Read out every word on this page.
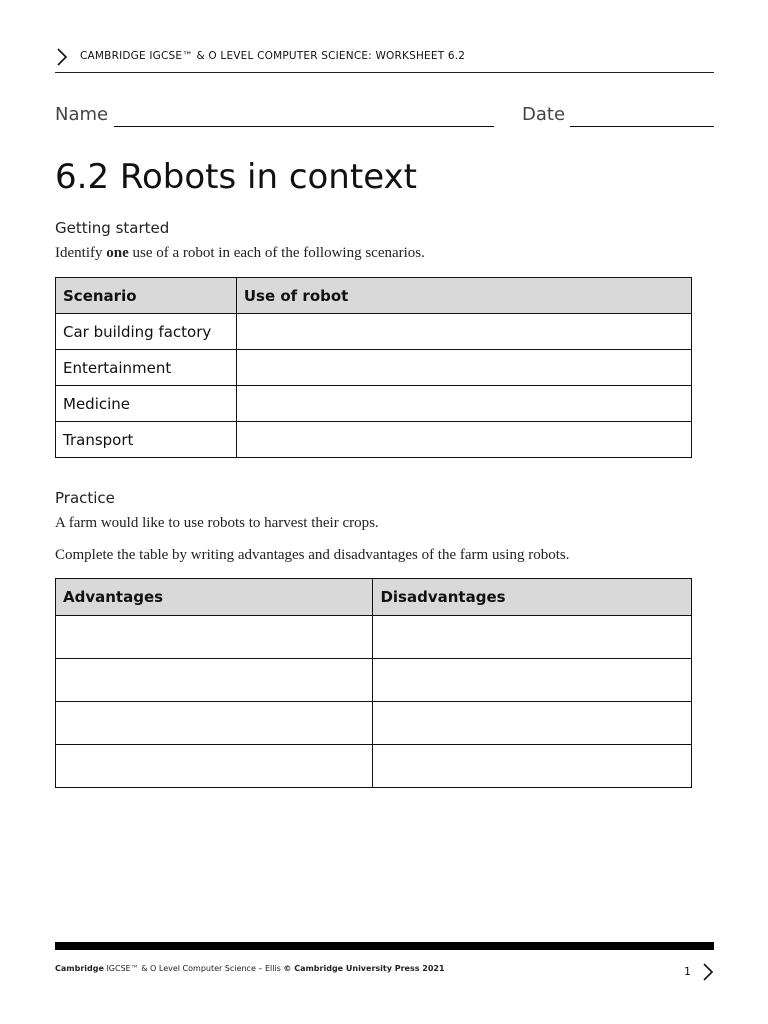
CAMBRIDGE IGCSE™ & O LEVEL COMPUTER SCIENCE: WORKSHEET 6.2
Name	Date
6.2 Robots in context
Getting started
Identify one use of a robot in each of the following scenarios.
Scenario	Use of robot
Car building factory	
Entertainment	
Medicine	
Transport	
Practice
A farm would like to use robots to harvest their crops.
Complete the table by writing advantages and disadvantages of the farm using robots.
Advantages	Disadvantages

Cambridge IGCSE™ & O Level Computer Science – Ellis © Cambridge University Press 2021	1
